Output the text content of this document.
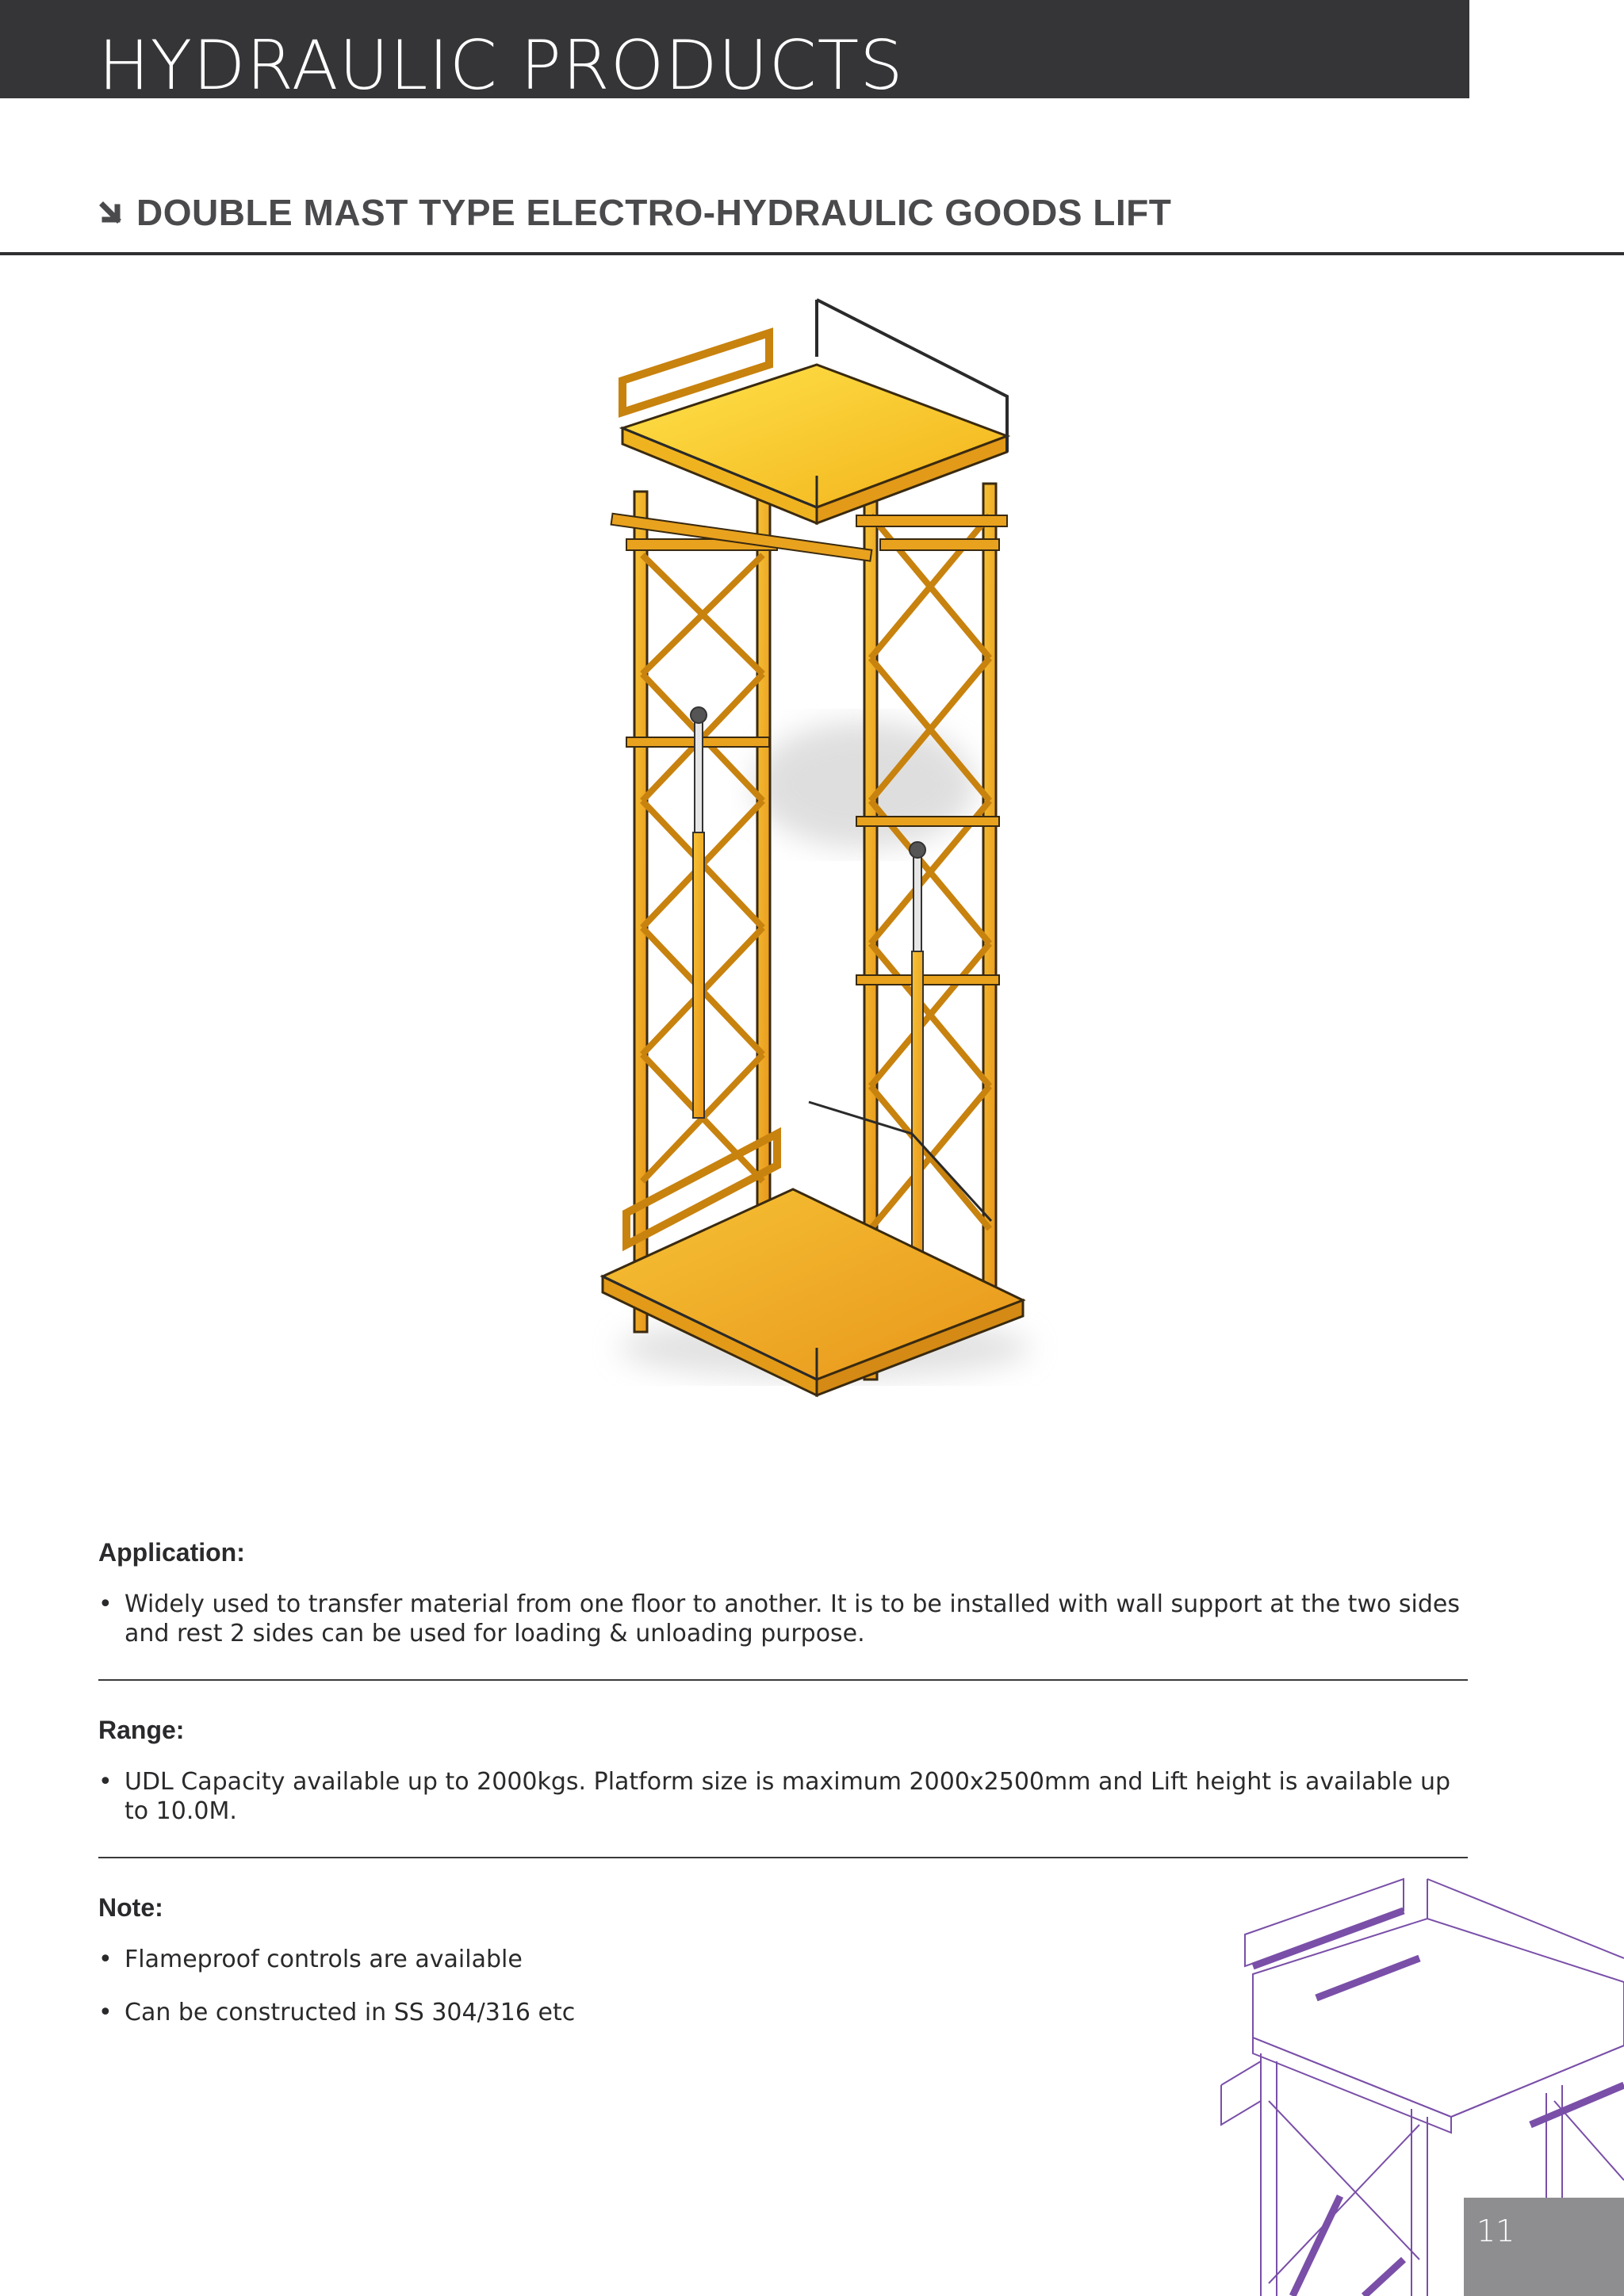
HYDRAULIC PRODUCTS
DOUBLE MAST TYPE ELECTRO-HYDRAULIC GOODS LIFT
Application:
• Widely used to transfer material from one floor to another. It is to be installed with wall support at the two sides and rest 2 sides can be used for loading & unloading purpose.
Range:
• UDL Capacity available up to 2000kgs. Platform size is maximum 2000x2500mm and Lift height is available up to 10.0M.
Note:
• Flameproof controls are available
• Can be constructed in SS 304/316 etc
11
